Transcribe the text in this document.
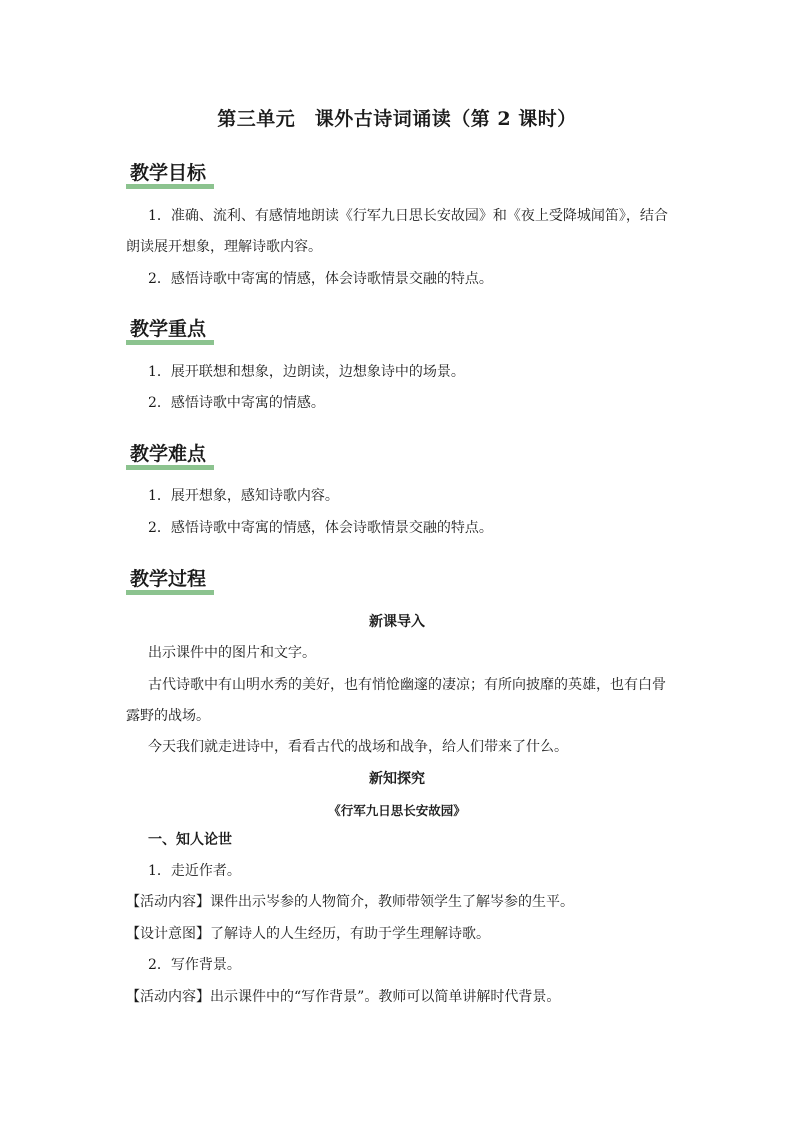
第三单元　课外古诗词诵读（第 2 课时）
教学目标
1．准确、流利、有感情地朗读《行军九日思长安故园》和《夜上受降城闻笛》，结合朗读展开想象，理解诗歌内容。
2．感悟诗歌中寄寓的情感，体会诗歌情景交融的特点。
教学重点
1．展开联想和想象，边朗读，边想象诗中的场景。
2．感悟诗歌中寄寓的情感。
教学难点
1．展开想象，感知诗歌内容。
2．感悟诗歌中寄寓的情感，体会诗歌情景交融的特点。
教学过程
新课导入
出示课件中的图片和文字。
古代诗歌中有山明水秀的美好，也有悄怆幽邃的凄凉；有所向披靡的英雄，也有白骨露野的战场。
今天我们就走进诗中，看看古代的战场和战争，给人们带来了什么。
新知探究
《行军九日思长安故园》
一、知人论世
1．走近作者。
【活动内容】课件出示岑参的人物简介，教师带领学生了解岑参的生平。
【设计意图】了解诗人的人生经历，有助于学生理解诗歌。
2．写作背景。
【活动内容】出示课件中的“写作背景”。教师可以简单讲解时代背景。
